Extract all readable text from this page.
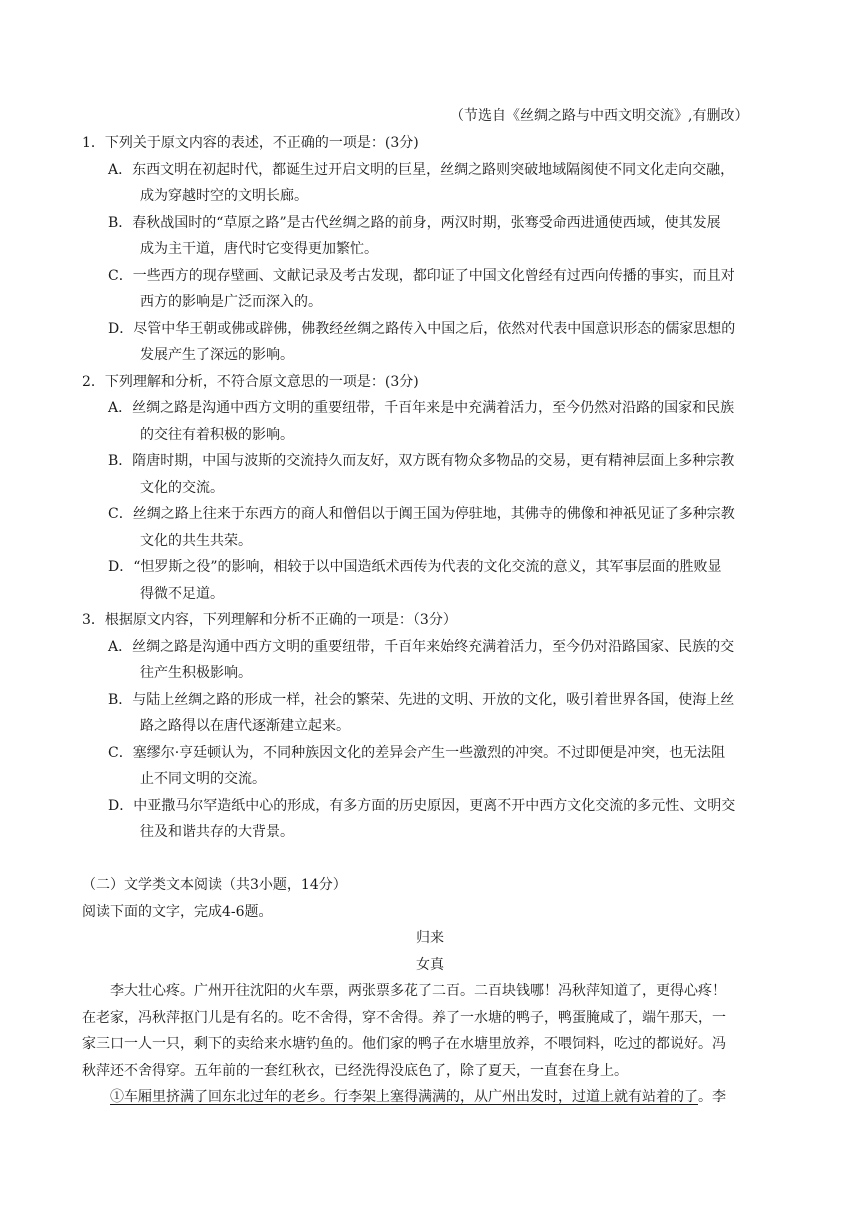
（节选自《丝绸之路与中西文明交流》,有删改）
1．下列关于原文内容的表述，不正确的一项是：(3分)
A．东西文明在初起时代，都诞生过开启文明的巨星，丝绸之路则突破地域隔阂使不同文化走向交融，
成为穿越时空的文明长廊。
B．春秋战国时的“草原之路”是古代丝绸之路的前身，两汉时期，张骞受命西进通使西域，使其发展
成为主干道，唐代时它变得更加繁忙。
C．一些西方的现存壁画、文献记录及考古发现，都印证了中国文化曾经有过西向传播的事实，而且对
西方的影响是广泛而深入的。
D．尽管中华王朝或佛或辟佛，佛教经丝绸之路传入中国之后，依然对代表中国意识形态的儒家思想的
发展产生了深远的影响。
2．下列理解和分析，不符合原文意思的一项是：(3分)
A．丝绸之路是沟通中西方文明的重要纽带，千百年来是中充满着活力，至今仍然对沿路的国家和民族
的交往有着积极的影响。
B．隋唐时期，中国与波斯的交流持久而友好，双方既有物众多物品的交易，更有精神层面上多种宗教
文化的交流。
C．丝绸之路上往来于东西方的商人和僧侣以于阗王国为停驻地，其佛寺的佛像和神祇见证了多种宗教
文化的共生共荣。
D．“怛罗斯之役”的影响，相较于以中国造纸术西传为代表的文化交流的意义，其军事层面的胜败显
得微不足道。
3．根据原文内容，下列理解和分析不正确的一项是：（3分）
A．丝绸之路是沟通中西方文明的重要纽带，千百年来始终充满着活力，至今仍对沿路国家、民族的交
往产生积极影响。
B．与陆上丝绸之路的形成一样，社会的繁荣、先进的文明、开放的文化，吸引着世界各国，使海上丝
路之路得以在唐代逐渐建立起来。
C．塞缪尔·亨廷顿认为，不同种族因文化的差异会产生一些激烈的冲突。不过即便是冲突，也无法阻
止不同文明的交流。
D．中亚撒马尔罕造纸中心的形成，有多方面的历史原因，更离不开中西方文化交流的多元性、文明交
往及和谐共存的大背景。
（二）文学类文本阅读（共3小题，14分）
阅读下面的文字，完成4-6题。
归来
女真
李大壮心疼。广州开往沈阳的火车票，两张票多花了二百。二百块钱哪！冯秋萍知道了，更得心疼！
在老家，冯秋萍抠门儿是有名的。吃不舍得，穿不舍得。养了一水塘的鸭子，鸭蛋腌咸了，端午那天，一
家三口一人一只，剩下的卖给来水塘钓鱼的。他们家的鸭子在水塘里放养，不喂饲料，吃过的都说好。冯
秋萍还不舍得穿。五年前的一套红秋衣，已经洗得没底色了，除了夏天，一直套在身上。
①车厢里挤满了回东北过年的老乡。行李架上塞得满满的，从广州出发时，过道上就有站着的了。李
